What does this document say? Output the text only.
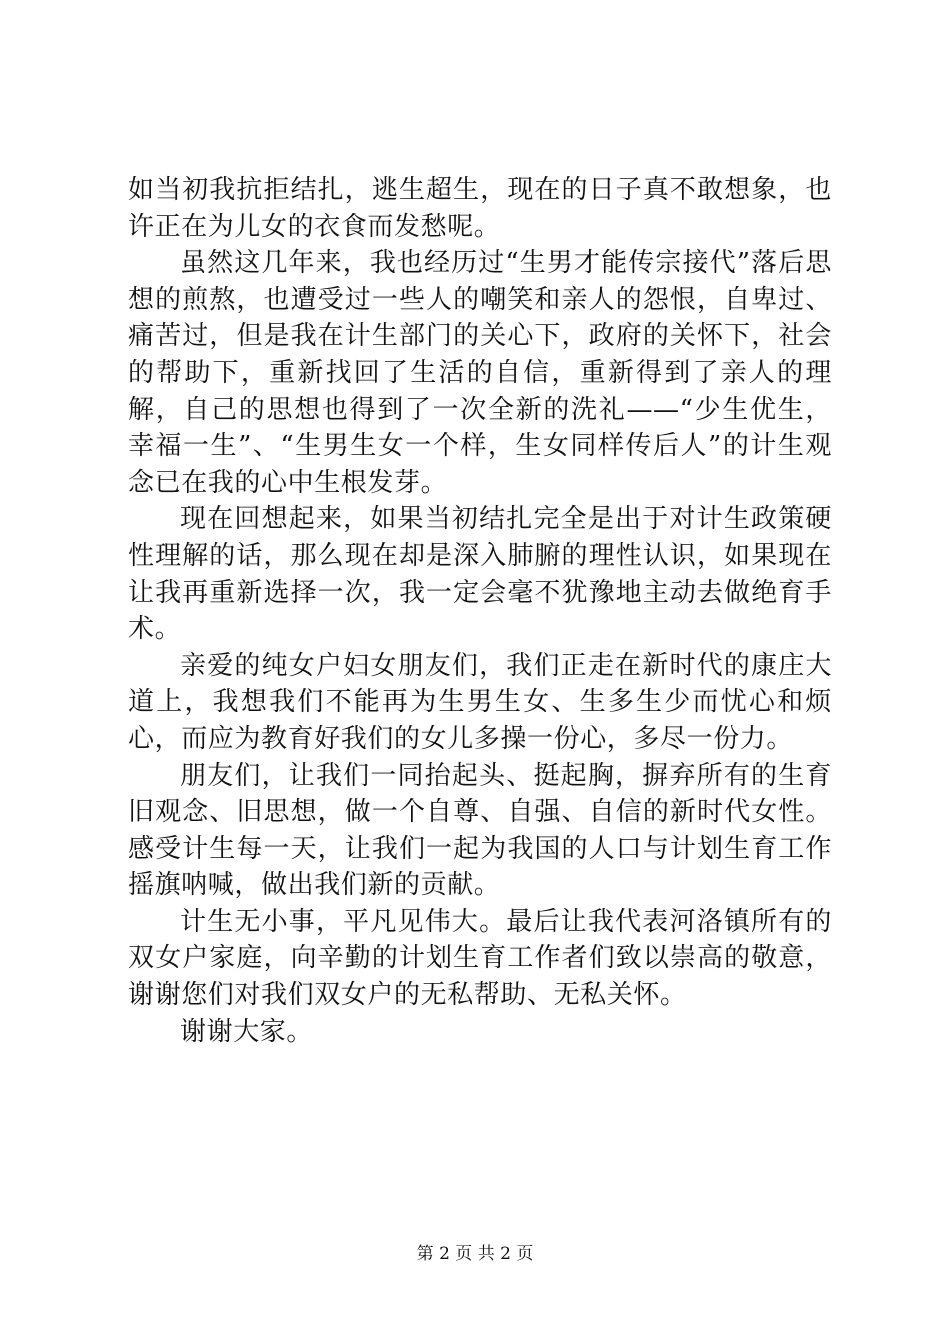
如当初我抗拒结扎，逃生超生，现在的日子真不敢想象，也许正在为儿女的衣食而发愁呢。

虽然这几年来，我也经历过“生男才能传宗接代”落后思想的煎熬，也遭受过一些人的嘲笑和亲人的怨恨，自卑过、痛苦过，但是我在计生部门的关心下，政府的关怀下，社会的帮助下，重新找回了生活的自信，重新得到了亲人的理解，自己的思想也得到了一次全新的洗礼——“少生优生，幸福一生”、“生男生女一个样，生女同样传后人”的计生观念已在我的心中生根发芽。

现在回想起来，如果当初结扎完全是出于对计生政策硬性理解的话，那么现在却是深入肺腑的理性认识，如果现在让我再重新选择一次，我一定会毫不犹豫地主动去做绝育手术。

亲爱的纯女户妇女朋友们，我们正走在新时代的康庄大道上，我想我们不能再为生男生女、生多生少而忧心和烦心，而应为教育好我们的女儿多操一份心，多尽一份力。

朋友们，让我们一同抬起头、挺起胸，摒弃所有的生育旧观念、旧思想，做一个自尊、自强、自信的新时代女性。感受计生每一天，让我们一起为我国的人口与计划生育工作摇旗呐喊，做出我们新的贡献。

计生无小事，平凡见伟大。最后让我代表河洛镇所有的双女户家庭，向辛勤的计划生育工作者们致以崇高的敬意，谢谢您们对我们双女户的无私帮助、无私关怀。

谢谢大家。

第 2 页 共 2 页
